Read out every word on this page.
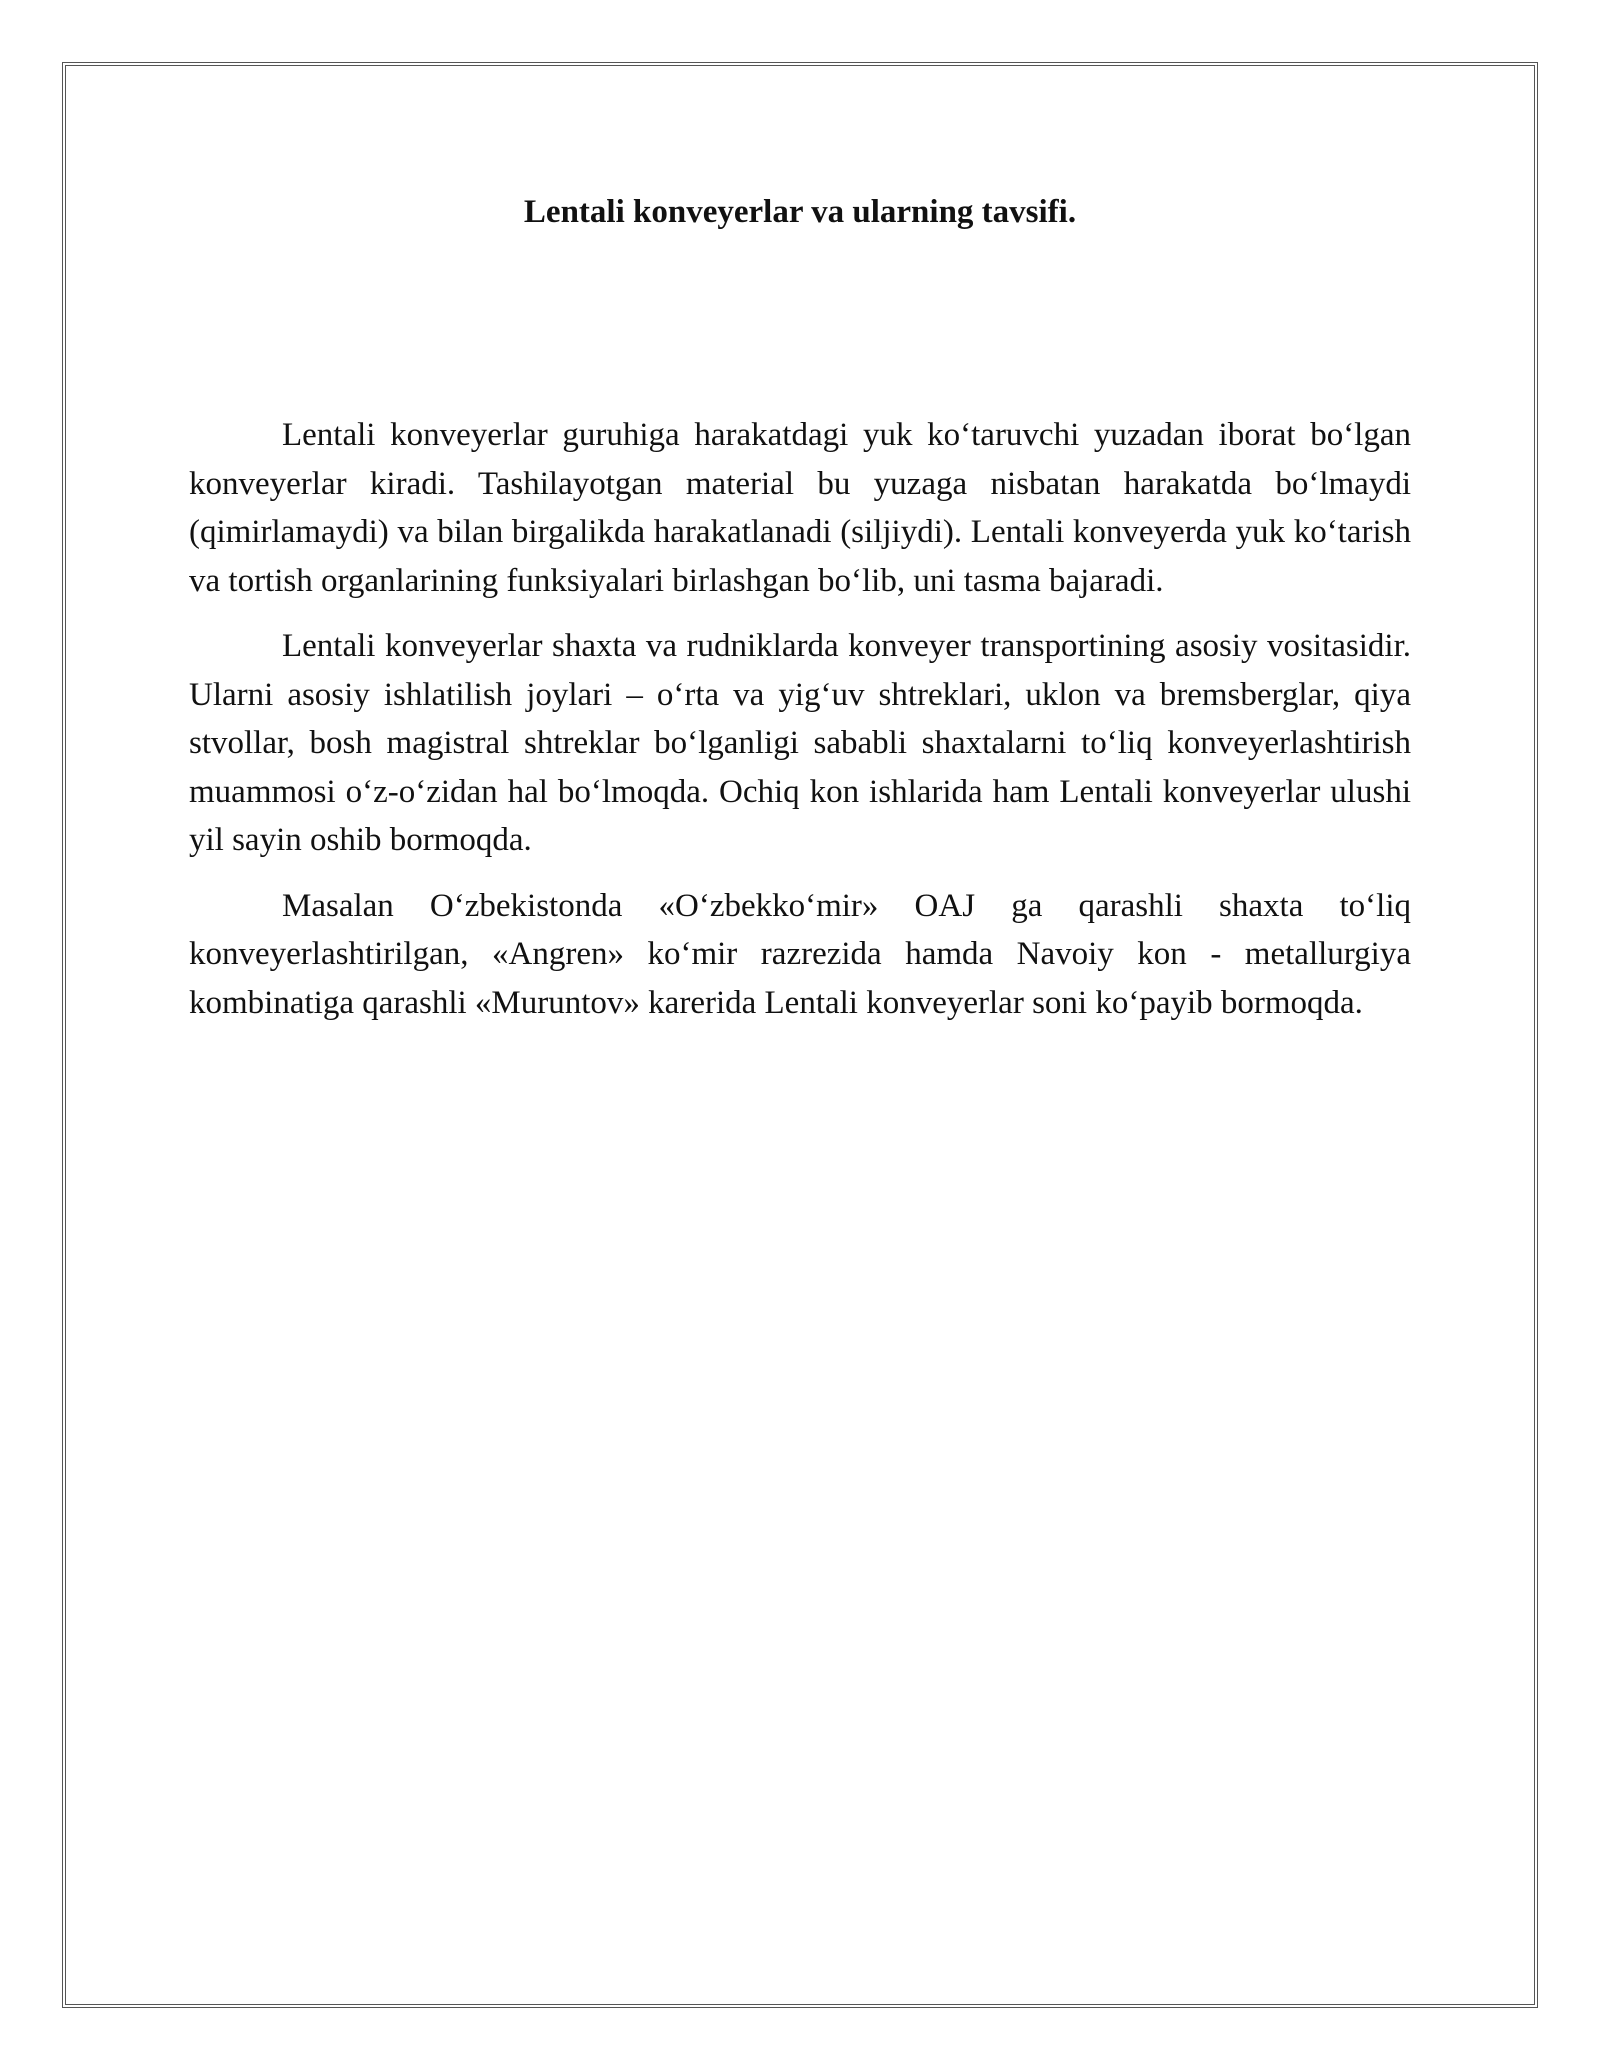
Lentali konveyerlar va ularning tavsifi.

Lentali konveyerlar guruhiga harakatdagi yuk koʻtaruvchi yuzadan iborat boʻlgan konveyerlar kiradi. Tashilayotgan material bu yuzaga nisbatan harakatda boʻlmaydi (qimirlamaydi) va bilan birgalikda harakatlanadi (siljiydi). Lentali konveyerda yuk koʻtarish va tortish organlarining funksiyalari birlashgan boʻlib, uni tasma bajaradi.

Lentali konveyerlar shaxta va rudniklarda konveyer transportining asosiy vositasidir. Ularni asosiy ishlatilish joylari – oʻrta va yigʻuv shtreklari, uklon va bremsberglar, qiya stvollar, bosh magistral shtreklar boʻlganligi sababli shaxtalarni toʻliq konveyerlashtirish muammosi oʻz-oʻzidan hal boʻlmoqda. Ochiq kon ishlarida ham Lentali konveyerlar ulushi yil sayin oshib bormoqda.

Masalan Oʻzbekistonda «Oʻzbekkoʻmir» OAJ ga qarashli shaxta toʻliq konveyerlashtirilgan, «Angren» koʻmir razrezida hamda Navoiy kon - metallurgiya kombinatiga qarashli «Muruntov» karerida Lentali konveyerlar soni koʻpayib bormoqda.
